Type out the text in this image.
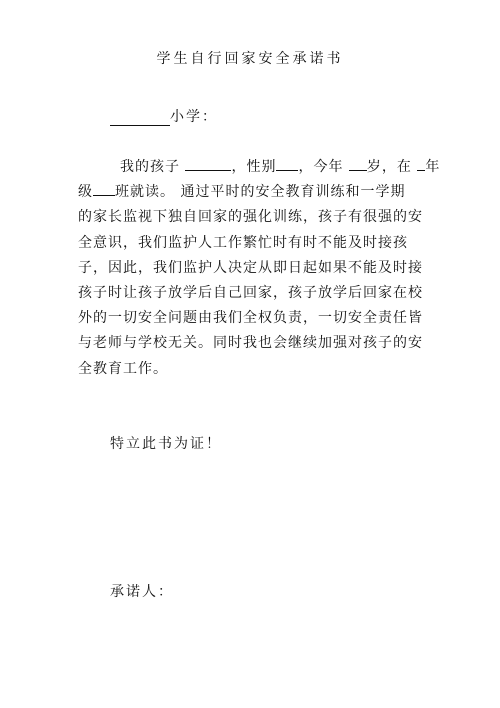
学生自行回家安全承诺书
小学：
我的孩子	，性别 ，今年 岁，在 年
级 班就读。 通过平时的安全教育训练和一学期
的家长监视下独自回家的强化训练，孩子有很强的安
全意识，我们监护人工作繁忙时有时不能及时接孩
子，因此，我们监护人决定从即日起如果不能及时接
孩子时让孩子放学后自己回家，孩子放学后回家在校
外的一切安全问题由我们全权负责，一切安全责任皆
与老师与学校无关。同时我也会继续加强对孩子的安
全教育工作。
特立此书为证！
承诺人：
